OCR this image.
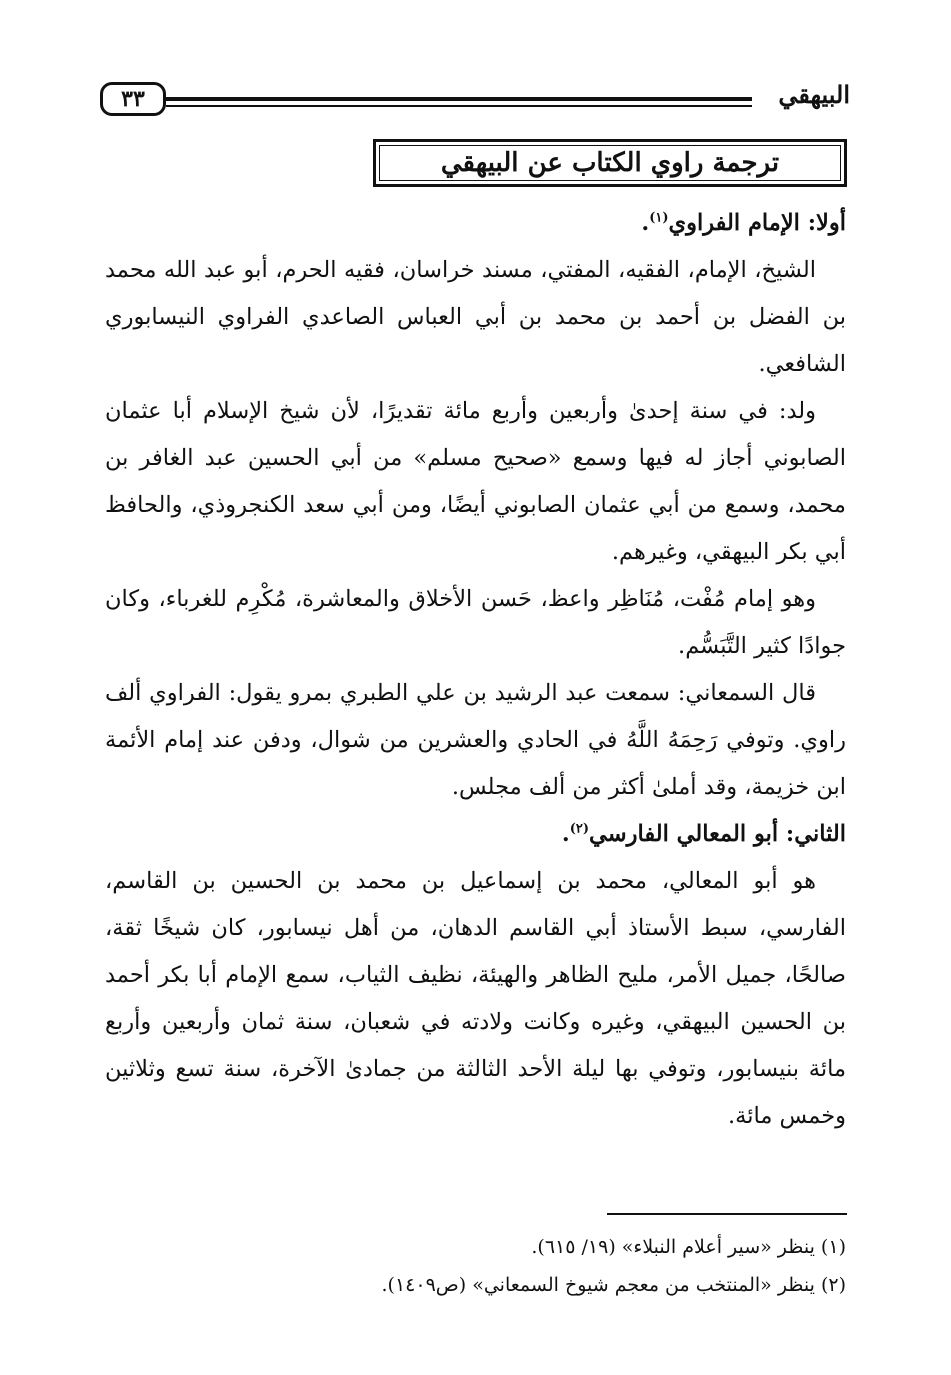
٣٣	البيهقي
ترجمة راوي الكتاب عن البيهقي

أولا: الإمام الفراوي$^{(١)}$.

الشيخ، الإمام، الفقيه، المفتي، مسند خراسان، فقيه الحرم، أبو عبد الله محمد بن الفضل بن أحمد بن محمد بن أبي العباس الصاعدي الفراوي النيسابوري الشافعي.

ولد: في سنة إحدىٰ وأربعين وأربع مائة تقديرًا، لأن شيخ الإسلام أبا عثمان الصابوني أجاز له فيها وسمع «صحيح مسلم» من أبي الحسين عبد الغافر بن محمد، وسمع من أبي عثمان الصابوني أيضًا، ومن أبي سعد الكنجروذي، والحافظ أبي بكر البيهقي، وغيرهم.

وهو إمام مُفْت، مُنَاظِر واعظ، حَسن الأخلاق والمعاشرة، مُكْرِم للغرباء، وكان جوادًا كثير التَّبَسُّم.

قال السمعاني: سمعت عبد الرشيد بن علي الطبري بمرو يقول: الفراوي ألف راوي. وتوفي رَحِمَهُ اللَّهُ في الحادي والعشرين من شوال، ودفن عند إمام الأئمة ابن خزيمة، وقد أملىٰ أكثر من ألف مجلس.

الثاني: أبو المعالي الفارسي$^{(٢)}$.

هو أبو المعالي، محمد بن إسماعيل بن محمد بن الحسين بن القاسم، الفارسي، سبط الأستاذ أبي القاسم الدهان، من أهل نيسابور، كان شيخًا ثقة، صالحًا، جميل الأمر، مليح الظاهر والهيئة، نظيف الثياب، سمع الإمام أبا بكر أحمد بن الحسين البيهقي، وغيره وكانت ولادته في شعبان، سنة ثمان وأربعين وأربع مائة بنيسابور، وتوفي بها ليلة الأحد الثالثة من جمادىٰ الآخرة، سنة تسع وثلاثين وخمس مائة.

(١) ينظر «سير أعلام النبلاء» (١٩/ ٦١٥).

(٢) ينظر «المنتخب من معجم شيوخ السمعاني» (ص١٤٠٩).
